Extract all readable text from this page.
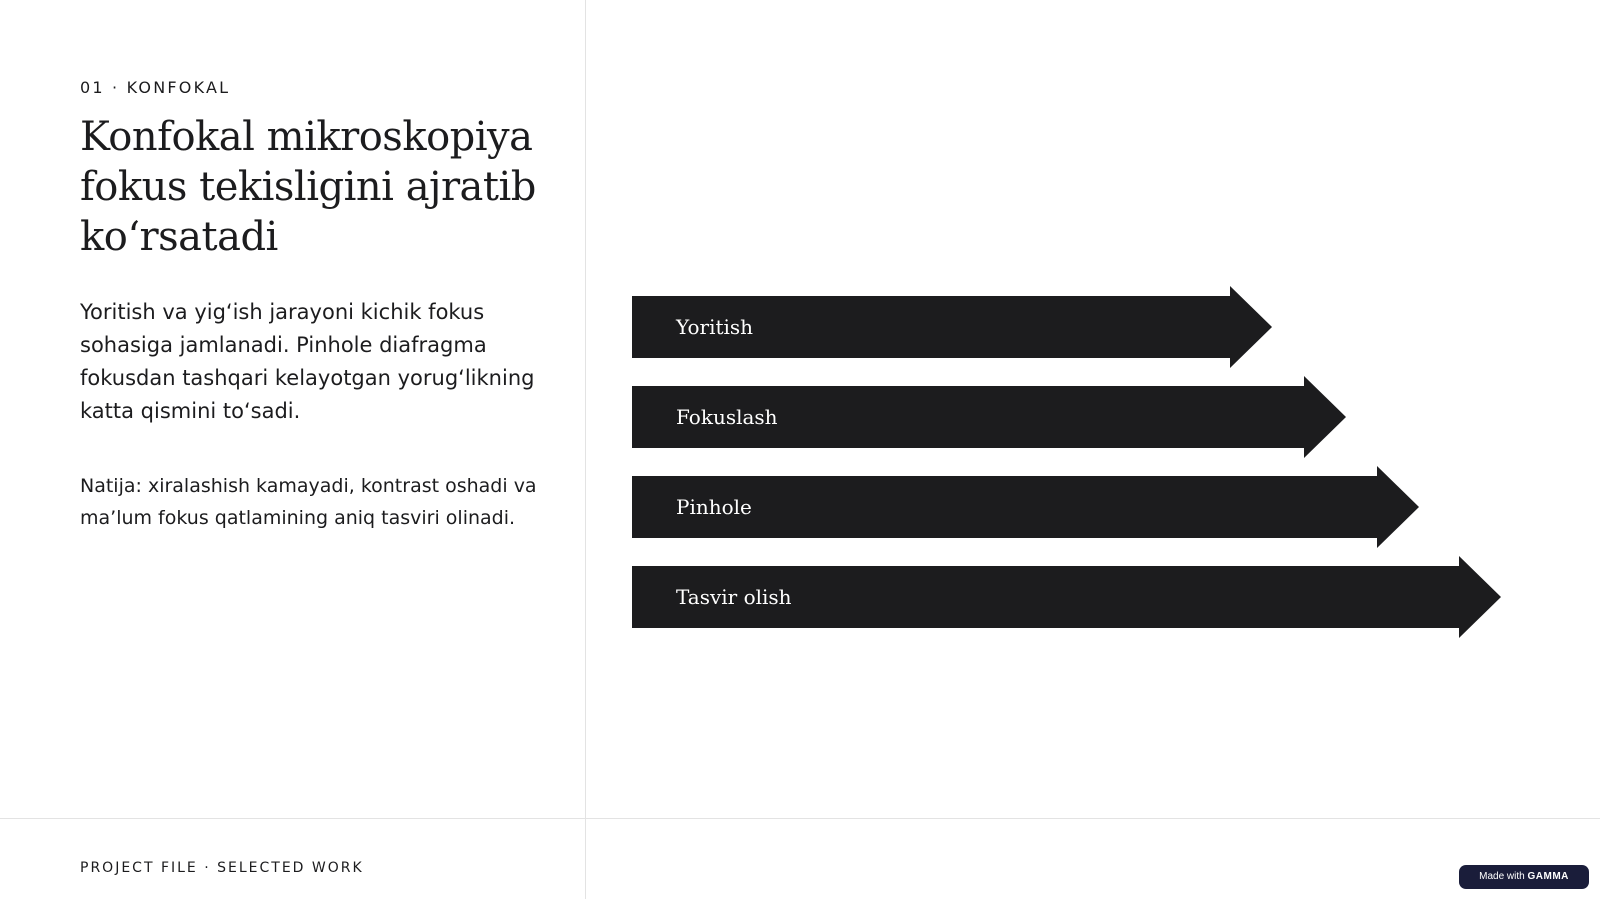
01 · KONFOKAL
Konfokal mikroskopiya fokus tekisligini ajratib ko‘rsatadi

Yoritish va yig‘ish jarayoni kichik fokus sohasiga jamlanadi. Pinhole diafragma fokusdan tashqari kelayotgan yorug‘likning katta qismini to‘sadi.

Natija: xiralashish kamayadi, kontrast oshadi va ma’lum fokus qatlamining aniq tasviri olinadi.

Yoritish
Fokuslash
Pinhole
Tasvir olish
PROJECT FILE · SELECTED WORK
Made with GAMMA
